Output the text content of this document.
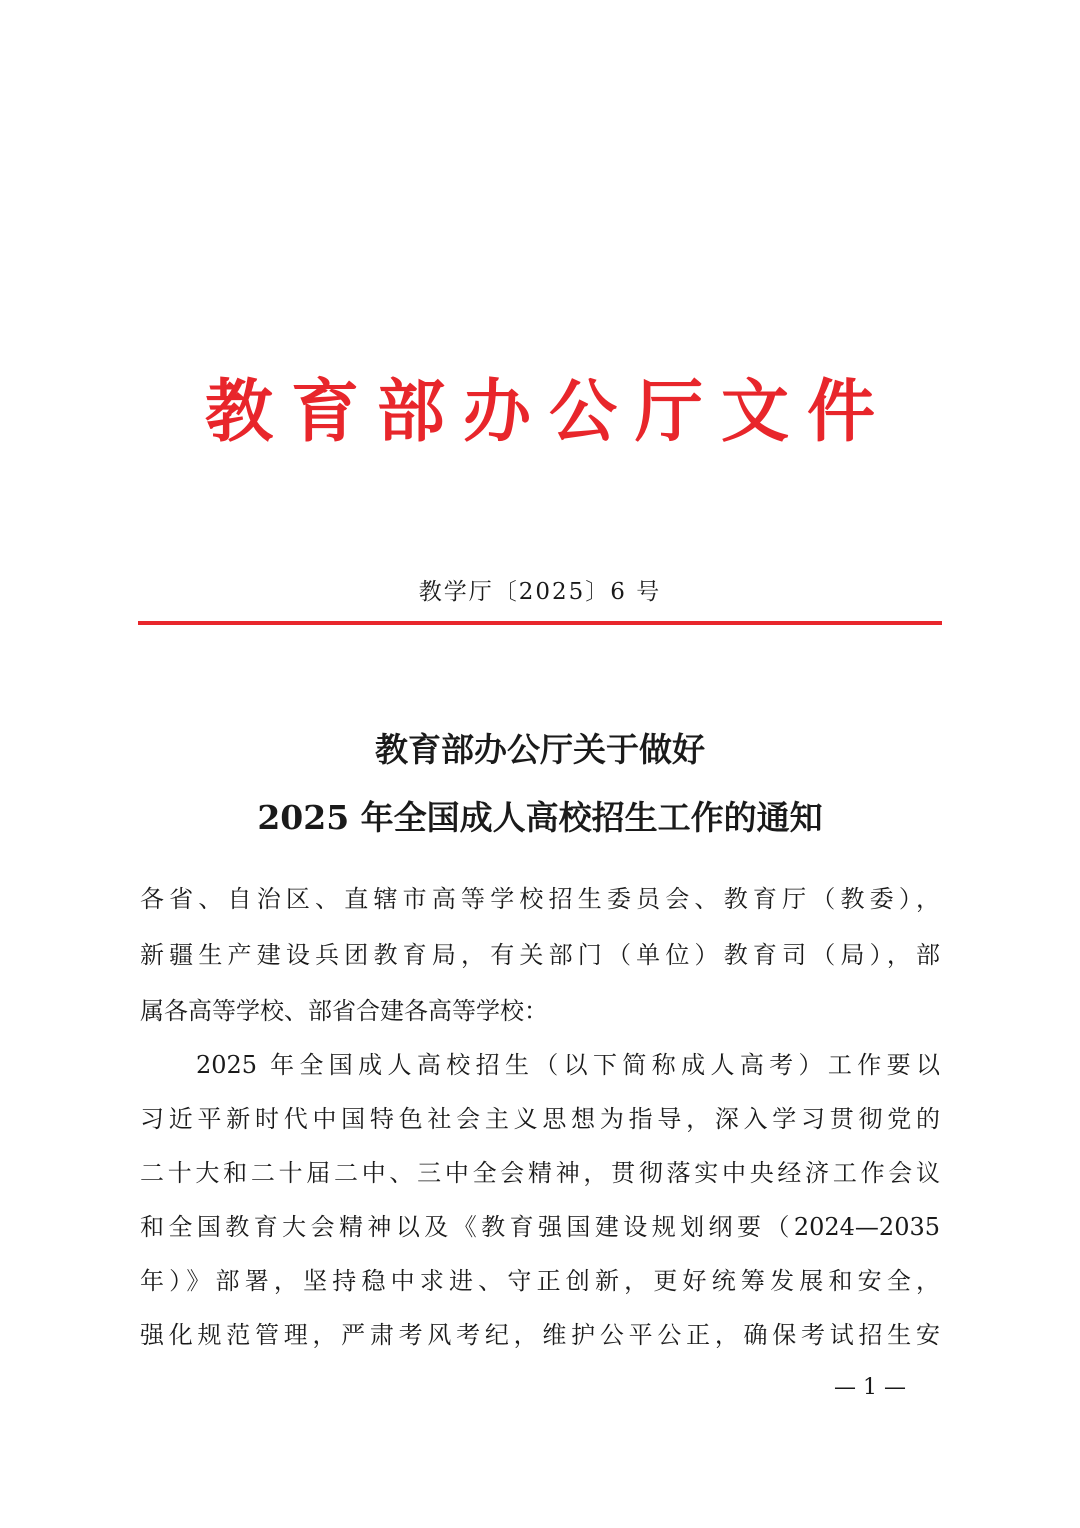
教育部办公厅文件
教学厅〔2025〕6 号
教育部办公厅关于做好
2025 年全国成人高校招生工作的通知
各省、自治区、直辖市高等学校招生委员会、教育厅（教委），
新疆生产建设兵团教育局，有关部门（单位）教育司（局），部
属各高等学校、部省合建各高等学校：
2025 年全国成人高校招生（以下简称成人高考）工作要以
习近平新时代中国特色社会主义思想为指导，深入学习贯彻党的
二十大和二十届二中、三中全会精神，贯彻落实中央经济工作会议
和全国教育大会精神以及《教育强国建设规划纲要（2024—2035
年）》部署，坚持稳中求进、守正创新，更好统筹发展和安全，
强化规范管理，严肃考风考纪，维护公平公正，确保考试招生安
— 1 —
